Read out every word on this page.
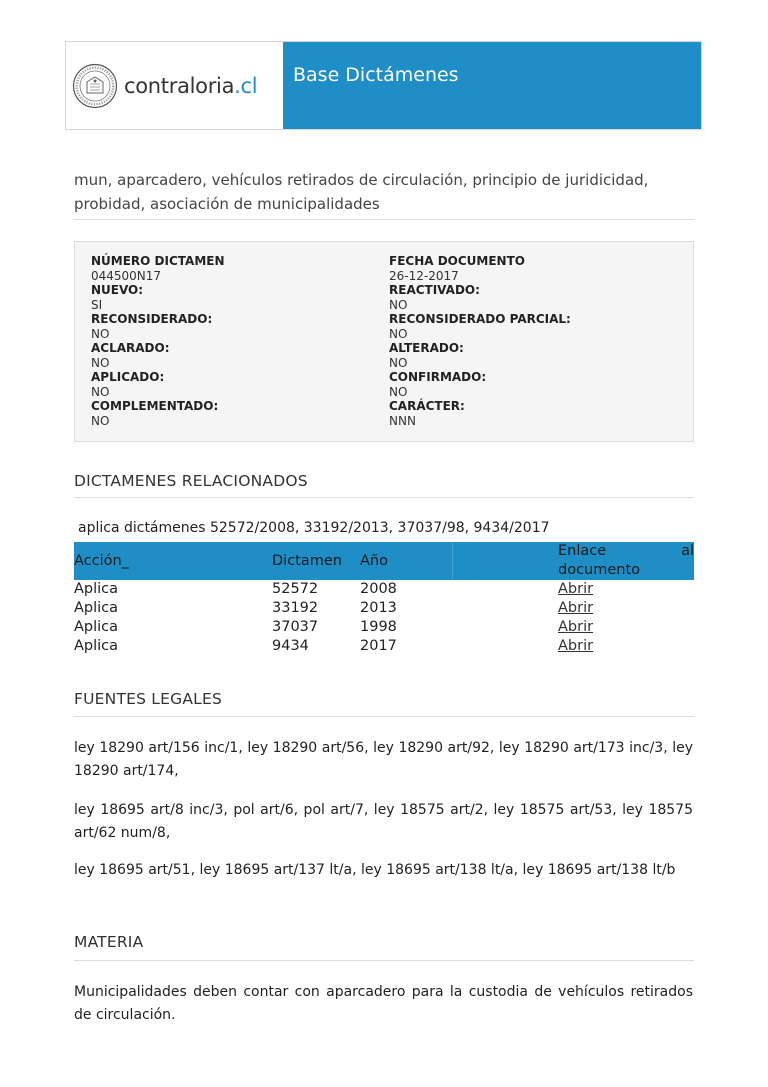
contraloria.cl	Base Dictámenes
mun, aparcadero, vehículos retirados de circulación, principio de juridicidad, probidad, asociación de municipalidades
NÚMERO DICTAMEN
044500N17
NUEVO:
SI
RECONSIDERADO:
NO
ACLARADO:
NO
APLICADO:
NO
COMPLEMENTADO:
NO
FECHA DOCUMENTO
26-12-2017
REACTIVADO:
NO
RECONSIDERADO PARCIAL:
NO
ALTERADO:
NO
CONFIRMADO:
NO
CARÁCTER:
NNN
DICTAMENES RELACIONADOS
aplica dictámenes 52572/2008, 33192/2013, 37037/98, 9434/2017
Acción_	Dictamen	Año		Enlace al
documento

Aplica	52572	2008		Abrir
Aplica	33192	2013		Abrir
Aplica	37037	1998		Abrir
Aplica	9434	2017		Abrir
FUENTES LEGALES
ley 18290 art/156 inc/1, ley 18290 art/56, ley 18290 art/92, ley 18290 art/173 inc/3, ley 18290 art/174,
ley 18695 art/8 inc/3, pol art/6, pol art/7, ley 18575 art/2, ley 18575 art/53, ley 18575 art/62 num/8,
ley 18695 art/51, ley 18695 art/137 lt/a, ley 18695 art/138 lt/a, ley 18695 art/138 lt/b
MATERIA
Municipalidades deben contar con aparcadero para la custodia de vehículos retirados de circulación.
